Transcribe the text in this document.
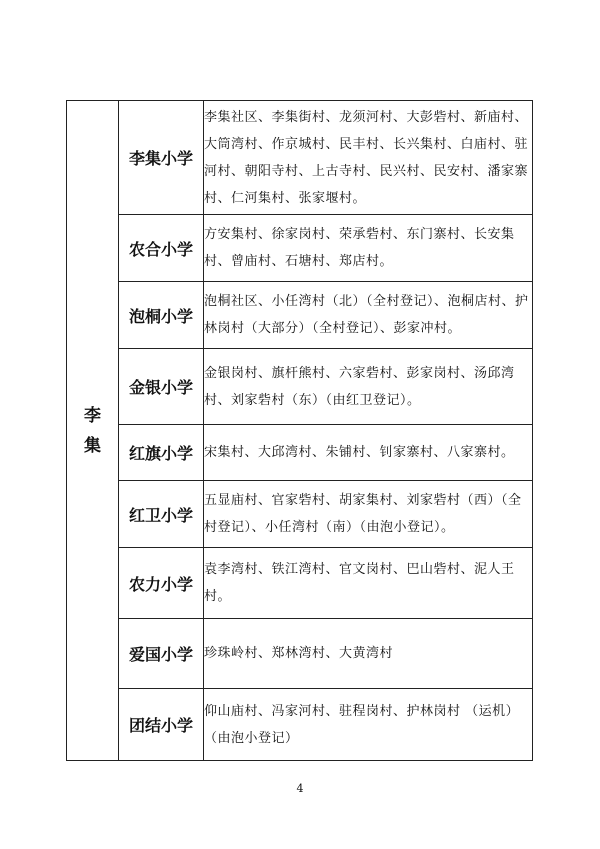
李
集	李集小学	李集社区、李集街村、龙须河村、大彭砦村、新庙村、大筒湾村、作京城村、民丰村、长兴集村、白庙村、驻河村、朝阳寺村、上古寺村、民兴村、民安村、潘家寨村、仁河集村、张家堰村。
	农合小学	方安集村、徐家岗村、荣承砦村、东门寨村、长安集村、曾庙村、石塘村、郑店村。
	泡桐小学	泡桐社区、小任湾村（北）（全村登记）、泡桐店村、护林岗村（大部分）（全村登记）、彭家冲村。
	金银小学	金银岗村、旗杆熊村、六家砦村、彭家岗村、汤邱湾村、刘家砦村（东）（由红卫登记）。
	红旗小学	宋集村、大邱湾村、朱铺村、钊家寨村、八家寨村。
	红卫小学	五显庙村、官家砦村、胡家集村、刘家砦村（西）（全村登记）、小任湾村（南）（由泡小登记）。
	农力小学	袁李湾村、铁江湾村、官文岗村、巴山砦村、泥人王村。
	爱国小学	珍珠岭村、郑林湾村、大黄湾村
	团结小学	仰山庙村、冯家河村、驻程岗村、护林岗村 （运机）（由泡小登记）
4
